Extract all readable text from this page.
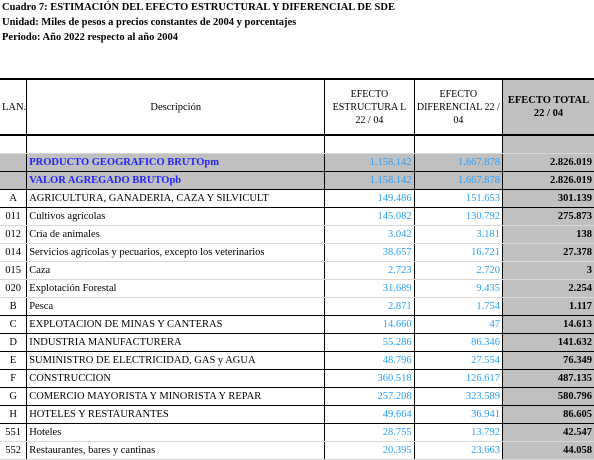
Cuadro 7: ESTIMACIÓN DEL EFECTO ESTRUCTURAL Y DIFERENCIAL DE SDE
Unidad: Miles de pesos a precios constantes de 2004 y porcentajes
Periodo: Año 2022 respecto al año 2004
LAN.	Descripción	EFECTO ESTRUCTURA L 22 / 04	EFECTO DIFERENCIAL 22 / 04	EFECTO TOTAL 22 / 04

	PRODUCTO GEOGRAFICO BRUTOpm	1.158.142	1.667.878	2.826.019
	VALOR AGREGADO BRUTOpb	1.158.142	1.667.878	2.826.019
A	AGRICULTURA, GANADERIA, CAZA Y SILVICULT	149.486	151.653	301.139
011	Cultivos agrícolas	145.082	130.792	275.873
012	Cría de animales	3.042	3.181	138
014	Servicios agrícolas y pecuarios, excepto los veterinarios	38.657	16.721	27.378
015	Caza	2.723	2.720	3
020	Explotación Forestal	31.689	9.435	2.254
B	Pesca	2.871	1.754	1.117
C	EXPLOTACION DE MINAS Y CANTERAS	14.660	47	14.613
D	INDUSTRIA MANUFACTURERA	55.286	86.346	141.632
E	SUMINISTRO DE ELECTRICIDAD, GAS y AGUA	48.796	27.554	76.349
F	CONSTRUCCION	360.518	126.617	487.135
G	COMERCIO MAYORISTA Y MINORISTA Y REPAR	257.208	323.589	580.796
H	HOTELES Y RESTAURANTES	49.664	36.941	86.605
551	Hoteles	28.755	13.792	42.547
552	Restaurantes, bares y cantinas	20.395	23.663	44.058
